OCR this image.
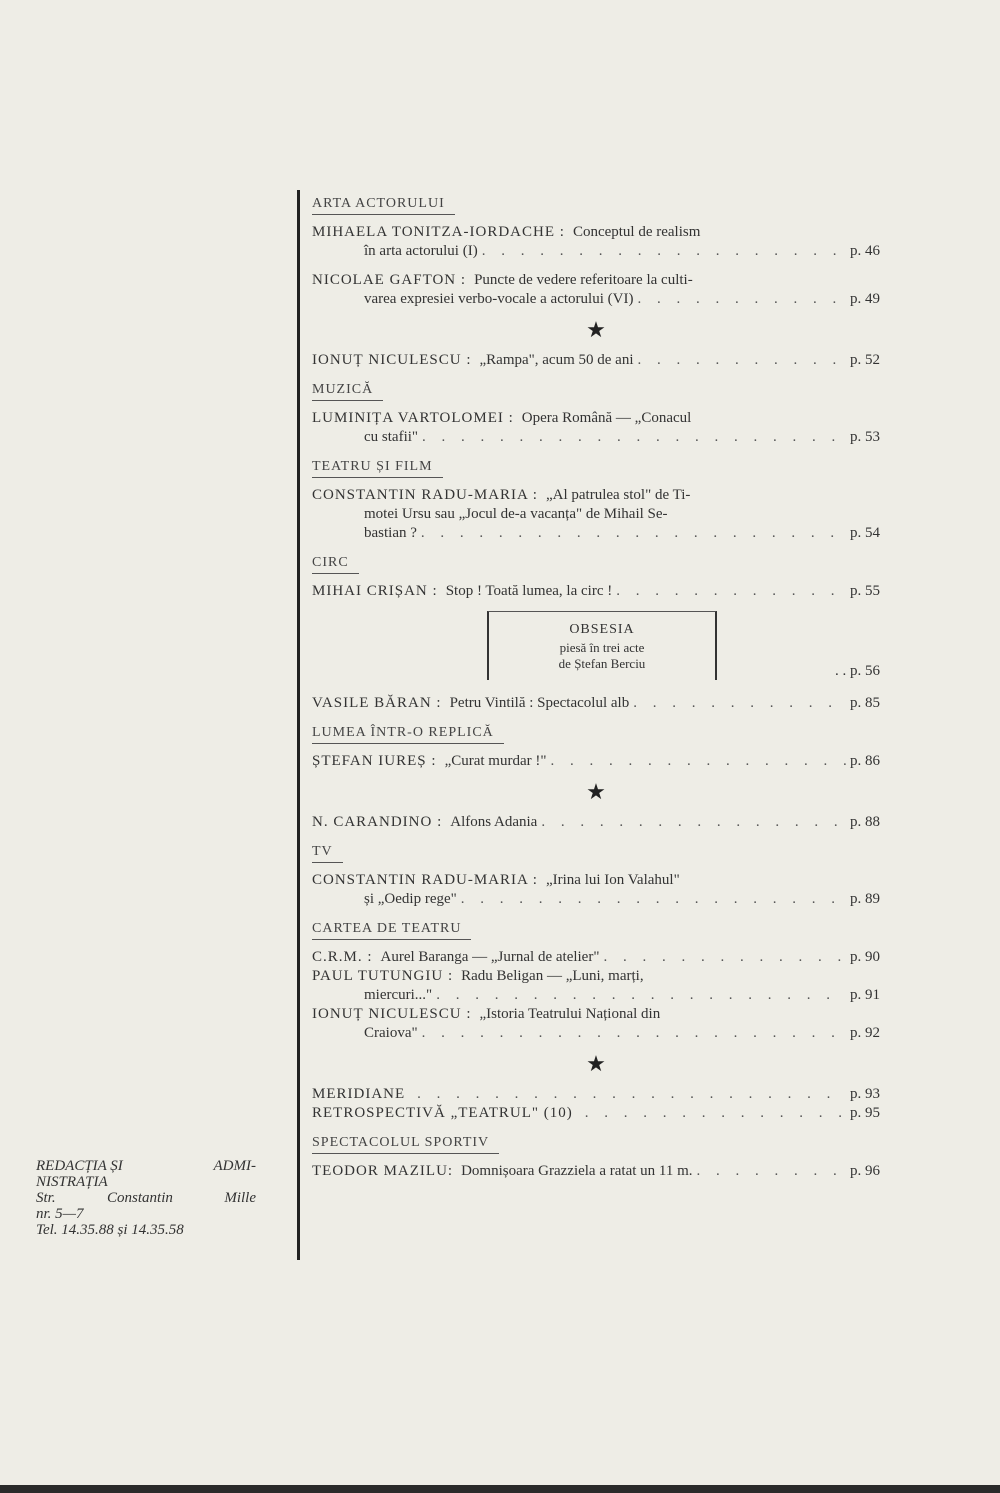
ARTA ACTORULUI
MIHAELA TONITZA-IORDACHE : Conceptul de realism
în arta actorului (I) . . .	p. 46
NICOLAE GAFTON : Puncte de vedere referitoare la culti-
varea expresiei verbo-vocale a actorului (VI) . . .	p. 49
★
IONUȚ NICULESCU : „Rampa", acum 50 de ani . . .	p. 52
MUZICĂ
LUMINIȚA VARTOLOMEI : Opera Română — „Conacul
cu stafii" . . .	p. 53
TEATRU ȘI FILM
CONSTANTIN RADU-MARIA : „Al patrulea stol" de Ti-
motei Ursu sau „Jocul de-a vacanța" de Mihail Se-
bastian ? . . .	p. 54
CIRC
MIHAI CRIȘAN : Stop ! Toată lumea, la circ ! . . .	p. 55
OBSESIA
piesă în trei acte
de Ștefan Berciu	. . p. 56
VASILE BĂRAN : Petru Vintilă : Spectacolul alb . . .	p. 85
LUMEA ÎNTR-O REPLICĂ
ȘTEFAN IUREȘ : „Curat murdar !" . . .	p. 86
★
N. CARANDINO : Alfons Adania . . .	p. 88
TV
CONSTANTIN RADU-MARIA : „Irina lui Ion Valahul"
și „Oedip rege" . . .	p. 89
CARTEA DE TEATRU
C.R.M. : Aurel Baranga — „Jurnal de atelier" . . .	p. 90
PAUL TUTUNGIU : Radu Beligan — „Luni, marți,
miercuri..." . . .	p. 91
IONUȚ NICULESCU : „Istoria Teatrului Național din
Craiova" . . .	p. 92
★
MERIDIANE . . .	p. 93
RETROSPECTIVĂ „TEATRUL" (10) . . .	p. 95
SPECTACOLUL SPORTIV
TEODOR MAZILU: Domnișoara Grazziela a ratat un 11 m. . . .	p. 96
REDACȚIA ȘI	ADMI-
NISTRAȚIA
Str.	Constantin	Mille
nr. 5—7
Tel. 14.35.88 și 14.35.58
